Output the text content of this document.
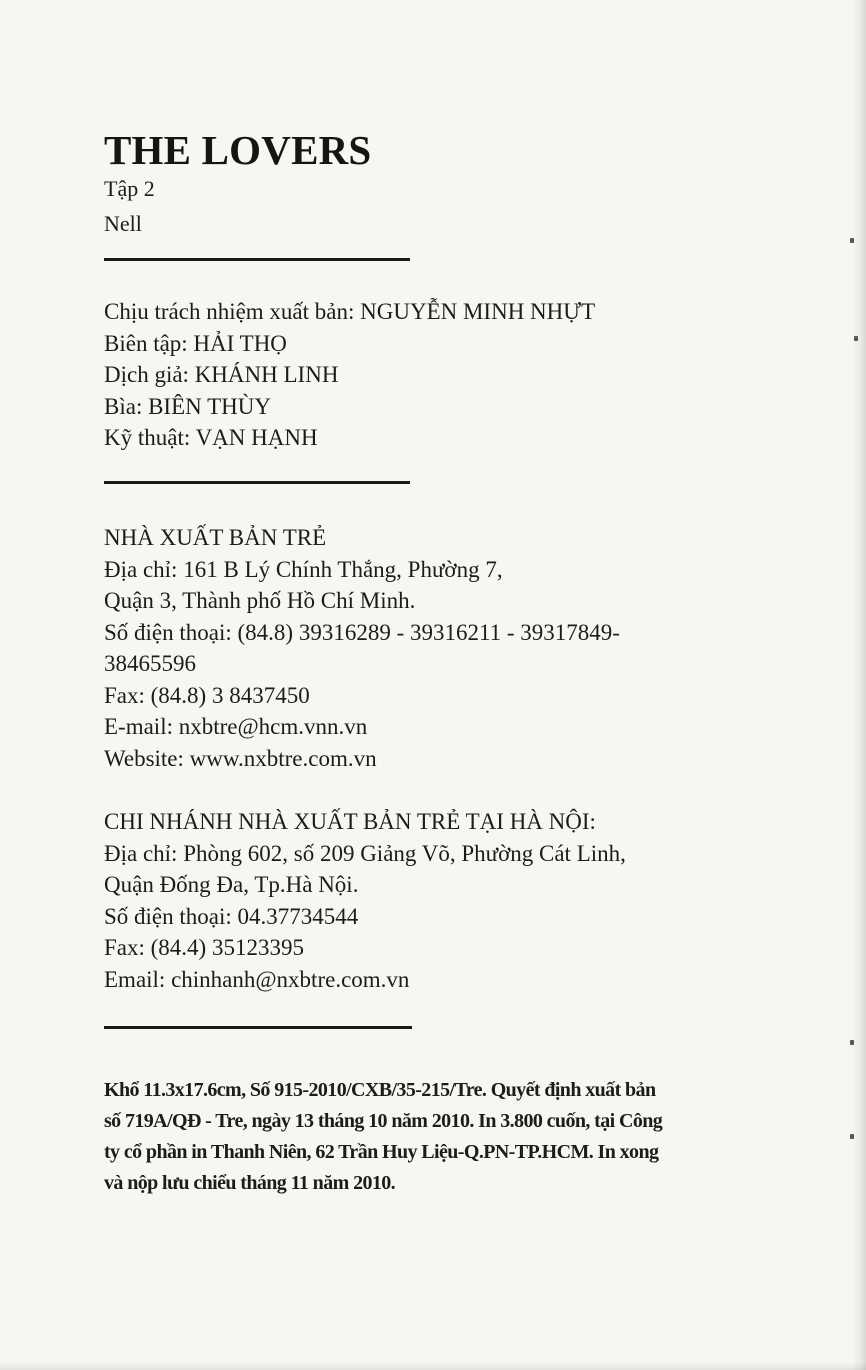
THE LOVERS
Tập 2
Nell
Chịu trách nhiệm xuất bản: NGUYỄN MINH NHỰT
Biên tập: HẢI THỌ
Dịch giả: KHÁNH LINH
Bìa: BIÊN THÙY
Kỹ thuật: VẠN HẠNH
NHÀ XUẤT BẢN TRẺ
Địa chỉ: 161 B Lý Chính Thắng, Phường 7,
Quận 3, Thành phố Hồ Chí Minh.
Số điện thoại: (84.8) 39316289 - 39316211 - 39317849-
38465596
Fax: (84.8) 3 8437450
E-mail: nxbtre@hcm.vnn.vn
Website: www.nxbtre.com.vn
CHI NHÁNH NHÀ XUẤT BẢN TRẺ TẠI HÀ NỘI:
Địa chỉ: Phòng 602, số 209 Giảng Võ, Phường Cát Linh,
Quận Đống Đa, Tp.Hà Nội.
Số điện thoại: 04.37734544
Fax: (84.4) 35123395
Email: chinhanh@nxbtre.com.vn
Khổ 11.3x17.6cm, Số 915-2010/CXB/35-215/Tre. Quyết định xuất bản
số 719A/QĐ - Tre, ngày 13 tháng 10 năm 2010. In 3.800 cuốn, tại Công
ty cổ phần in Thanh Niên, 62 Trần Huy Liệu-Q.PN-TP.HCM. In xong
và nộp lưu chiểu tháng 11 năm 2010.
